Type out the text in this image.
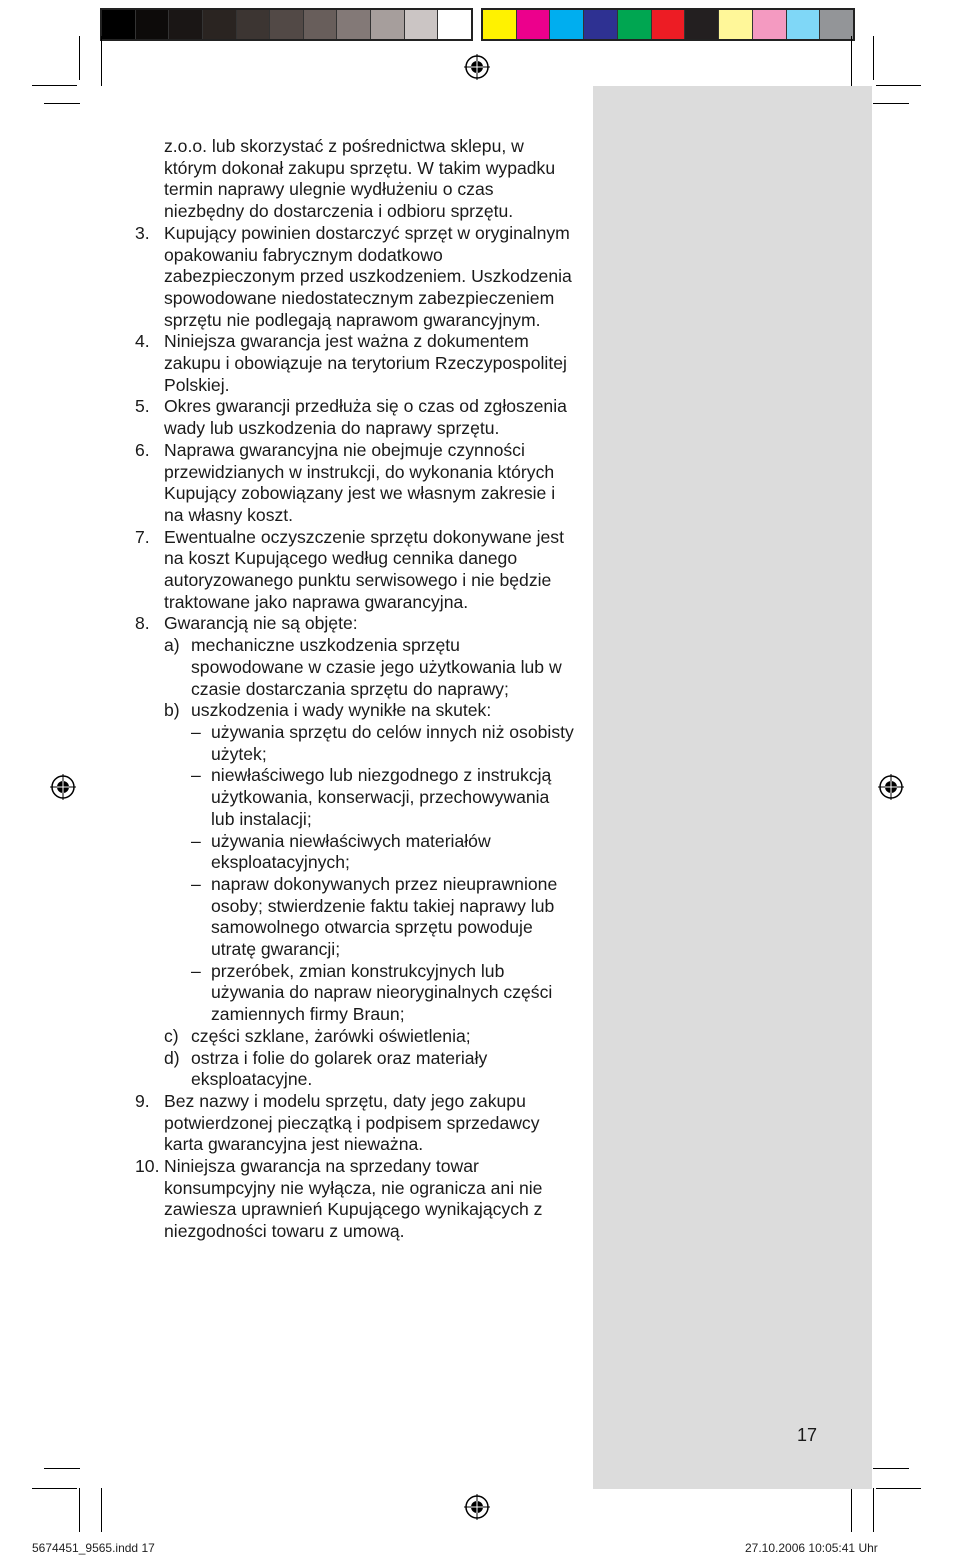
17

z.o.o. lub skorzystać z pośrednictwa sklepu, w którym dokonał zakupu sprzętu. W takim wypadku termin naprawy ulegnie wydłużeniu o czas niezbędny do dostarczenia i odbioru sprzętu.

3. Kupujący powinien dostarczyć sprzęt w oryginalnym opakowaniu fabrycznym dodatkowo zabezpieczonym przed uszkodzeniem. Uszkodzenia spowodowane niedostatecznym zabezpieczeniem sprzętu nie podlegają naprawom gwarancyjnym.
4. Niniejsza gwarancja jest ważna z dokumentem zakupu i obowiązuje na terytorium Rzeczypospolitej Polskiej.
5. Okres gwarancji przedłuża się o czas od zgłoszenia wady lub uszkodzenia do naprawy sprzętu.
6. Naprawa gwarancyjna nie obejmuje czynności przewidzianych w instrukcji, do wykonania których Kupujący zobowiązany jest we własnym zakresie i na własny koszt.
7. Ewentualne oczyszczenie sprzętu dokonywane jest na koszt Kupującego według cennika danego autoryzowanego punktu serwisowego i nie będzie traktowane jako naprawa gwarancyjna.
8. Gwarancją nie są objęte:
a) mechaniczne uszkodzenia sprzętu spowodowane w czasie jego użytkowania lub w czasie dostarczania sprzętu do naprawy;
b) uszkodzenia i wady wynikłe na skutek:
– używania sprzętu do celów innych niż osobisty użytek;
– niewłaściwego lub niezgodnego z instrukcją użytkowania, konserwacji, przechowywania lub instalacji;
– używania niewłaściwych materiałów eksploatacyjnych;
– napraw dokonywanych przez nieuprawnione osoby; stwierdzenie faktu takiej naprawy lub samowolnego otwarcia sprzętu powoduje utratę gwarancji;
– przeróbek, zmian konstrukcyjnych lub używania do napraw nieoryginalnych części zamiennych firmy Braun;
c) części szklane, żarówki oświetlenia;
d) ostrza i folie do golarek oraz materiały eksploatacyjne.
9. Bez nazwy i modelu sprzętu, daty jego zakupu potwierdzonej pieczątką i podpisem sprzedawcy karta gwarancyjna jest nieważna.
10. Niniejsza gwarancja na sprzedany towar konsumpcyjny nie wyłącza, nie ogranicza ani nie zawiesza uprawnień Kupującego wynikających z niezgodności towaru z umową.
5674451_9565.indd 17	27.10.2006 10:05:41 Uhr
